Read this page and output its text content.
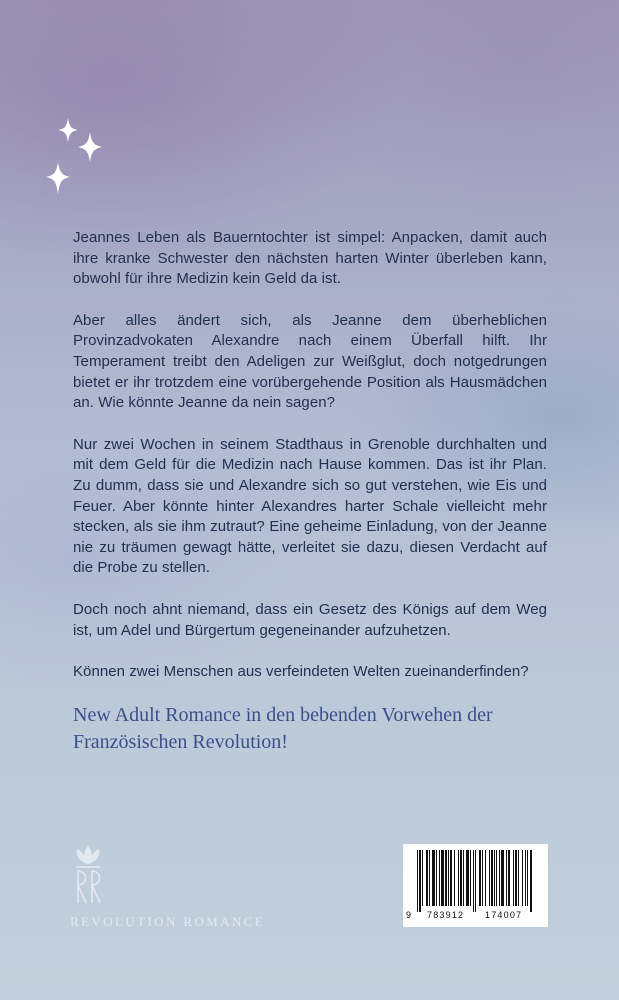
Jeannes Leben als Bauerntochter ist simpel: Anpacken, damit auch ihre kranke Schwester den nächsten harten Winter überleben kann, obwohl für ihre Medizin kein Geld da ist.

Aber alles ändert sich, als Jeanne dem überheblichen Provinzadvokaten Alexandre nach einem Überfall hilft. Ihr Temperament treibt den Adeligen zur Weißglut, doch notgedrungen bietet er ihr trotzdem eine vorübergehende Position als Hausmädchen an. Wie könnte Jeanne da nein sagen?

Nur zwei Wochen in seinem Stadthaus in Grenoble durchhalten und mit dem Geld für die Medizin nach Hause kommen. Das ist ihr Plan. Zu dumm, dass sie und Alexandre sich so gut verstehen, wie Eis und Feuer. Aber könnte hinter Alexandres harter Schale vielleicht mehr stecken, als sie ihm zutraut? Eine geheime Einladung, von der Jeanne nie zu träumen gewagt hätte, verleitet sie dazu, diesen Verdacht auf die Probe zu stellen.

Doch noch ahnt niemand, dass ein Gesetz des Königs auf dem Weg ist, um Adel und Bürgertum gegeneinander aufzuhetzen.

Können zwei Menschen aus verfeindeten Welten zueinanderfinden?

New Adult Romance in den bebenden Vorwehen der
Französischen Revolution!
REVOLUTION ROMANCE	9 783912 174007
